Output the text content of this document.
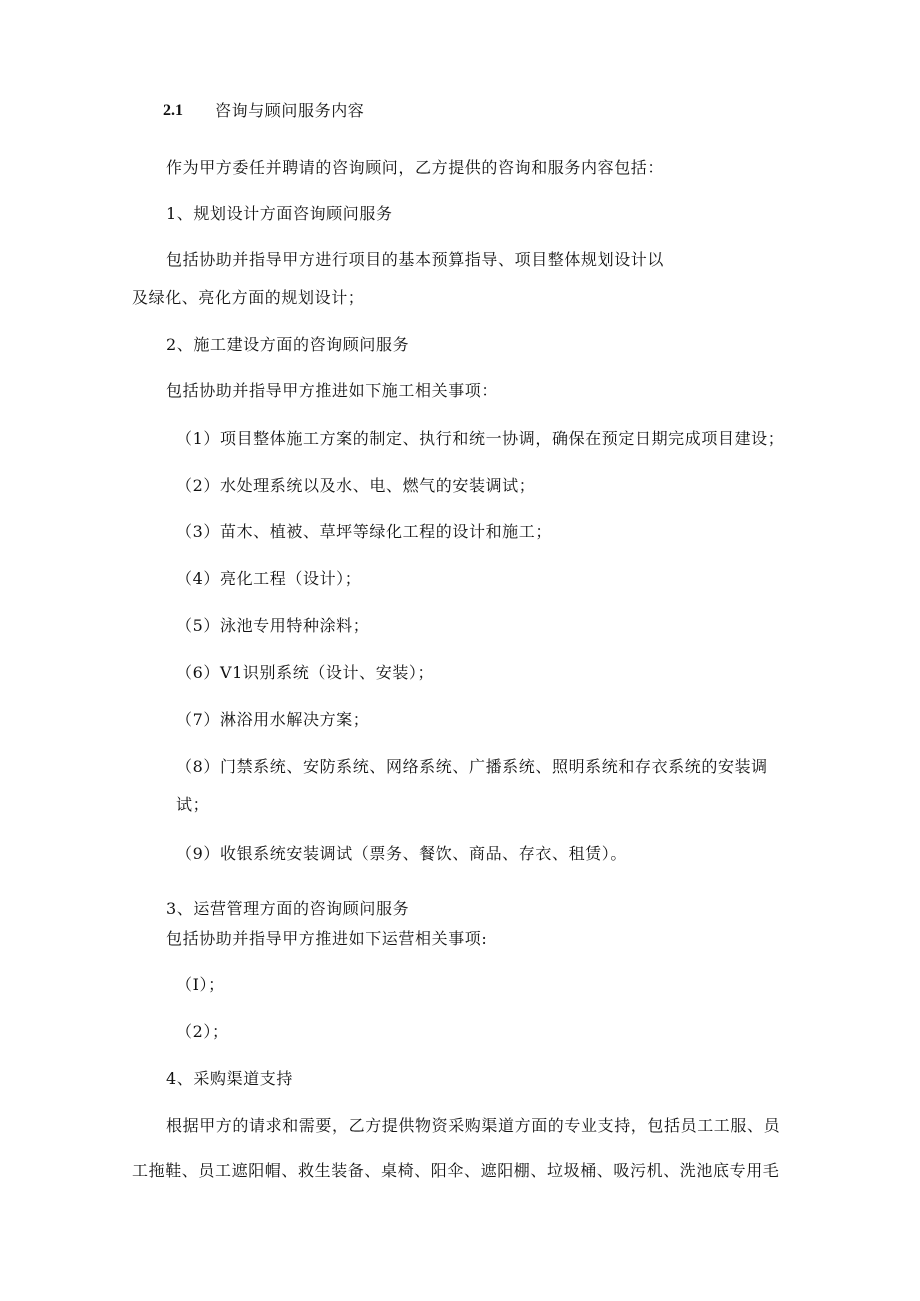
2.1 咨询与顾问服务内容
作为甲方委任并聘请的咨询顾问，乙方提供的咨询和服务内容包括：
1、规划设计方面咨询顾问服务
包括协助并指导甲方进行项目的基本预算指导、项目整体规划设计以
及绿化、亮化方面的规划设计；
2、施工建设方面的咨询顾问服务
包括协助并指导甲方推进如下施工相关事项：
（1）项目整体施工方案的制定、执行和统一协调，确保在预定日期完成项目建设；
（2）水处理系统以及水、电、燃气的安装调试；
（3）苗木、植被、草坪等绿化工程的设计和施工；
（4）亮化工程（设计）；
（5）泳池专用特种涂料；
（6）V1识别系统（设计、安装）；
（7）淋浴用水解决方案；
（8）门禁系统、安防系统、网络系统、广播系统、照明系统和存衣系统的安装调
试；
（9）收银系统安装调试（票务、餐饮、商品、存衣、租赁）。
3、运营管理方面的咨询顾问服务
包括协助并指导甲方推进如下运营相关事项:
（I）；
（2）；
4、采购渠道支持
根据甲方的请求和需要，乙方提供物资采购渠道方面的专业支持，包括员工工服、员
工拖鞋、员工遮阳帽、救生装备、桌椅、阳伞、遮阳棚、垃圾桶、吸污机、洗池底专用毛
